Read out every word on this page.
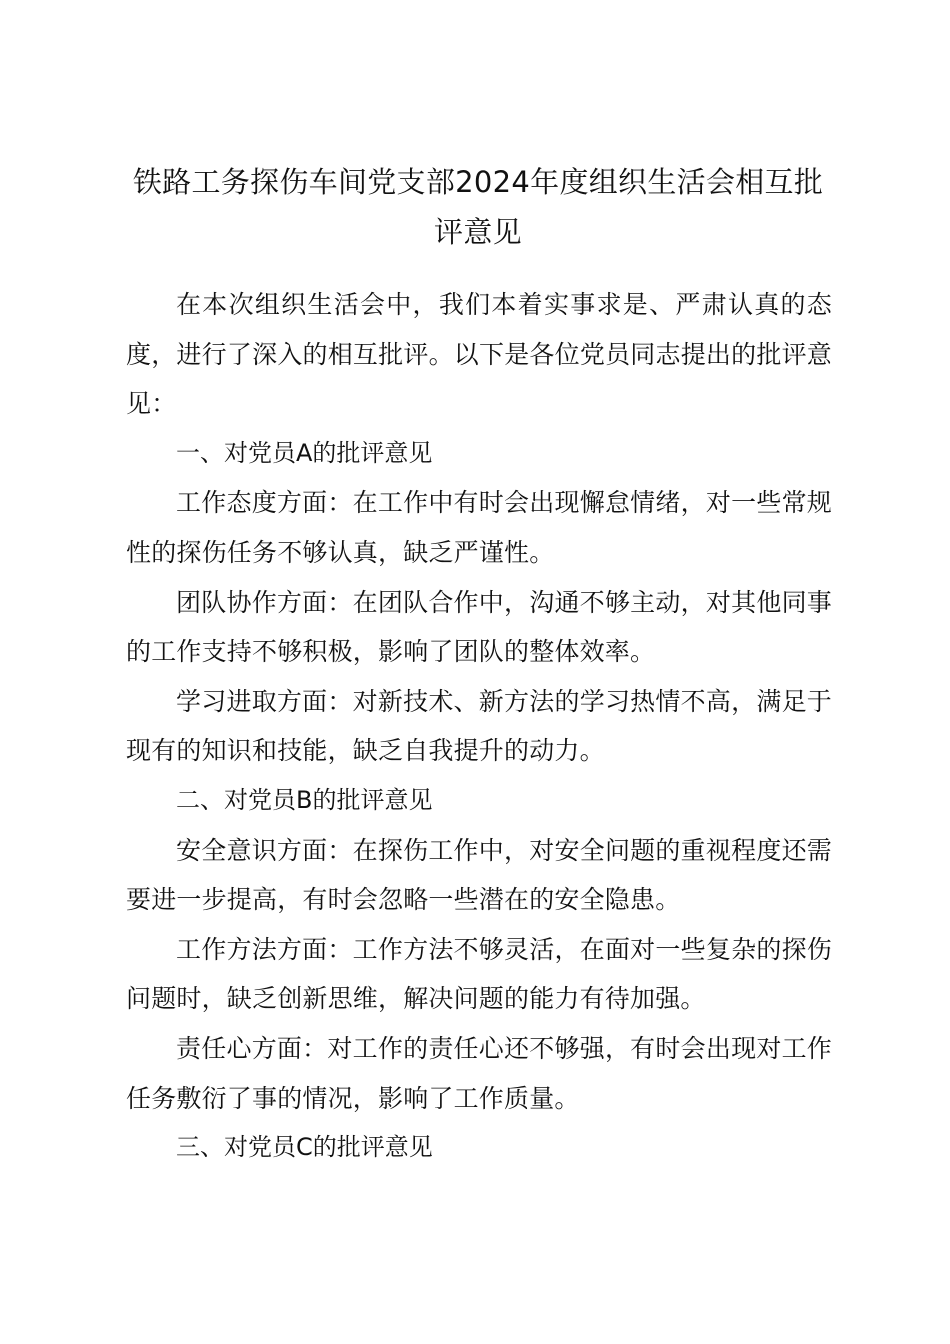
铁路工务探伤车间党支部2024年度组织生活会相互批评意见

在本次组织生活会中，我们本着实事求是、严肃认真的态度，进行了深入的相互批评。以下是各位党员同志提出的批评意见：

一、对党员A的批评意见

工作态度方面：在工作中有时会出现懈怠情绪，对一些常规性的探伤任务不够认真，缺乏严谨性。

团队协作方面：在团队合作中，沟通不够主动，对其他同事的工作支持不够积极，影响了团队的整体效率。

学习进取方面：对新技术、新方法的学习热情不高，满足于现有的知识和技能，缺乏自我提升的动力。

二、对党员B的批评意见

安全意识方面：在探伤工作中，对安全问题的重视程度还需要进一步提高，有时会忽略一些潜在的安全隐患。

工作方法方面：工作方法不够灵活，在面对一些复杂的探伤问题时，缺乏创新思维，解决问题的能力有待加强。

责任心方面：对工作的责任心还不够强，有时会出现对工作任务敷衍了事的情况，影响了工作质量。

三、对党员C的批评意见
